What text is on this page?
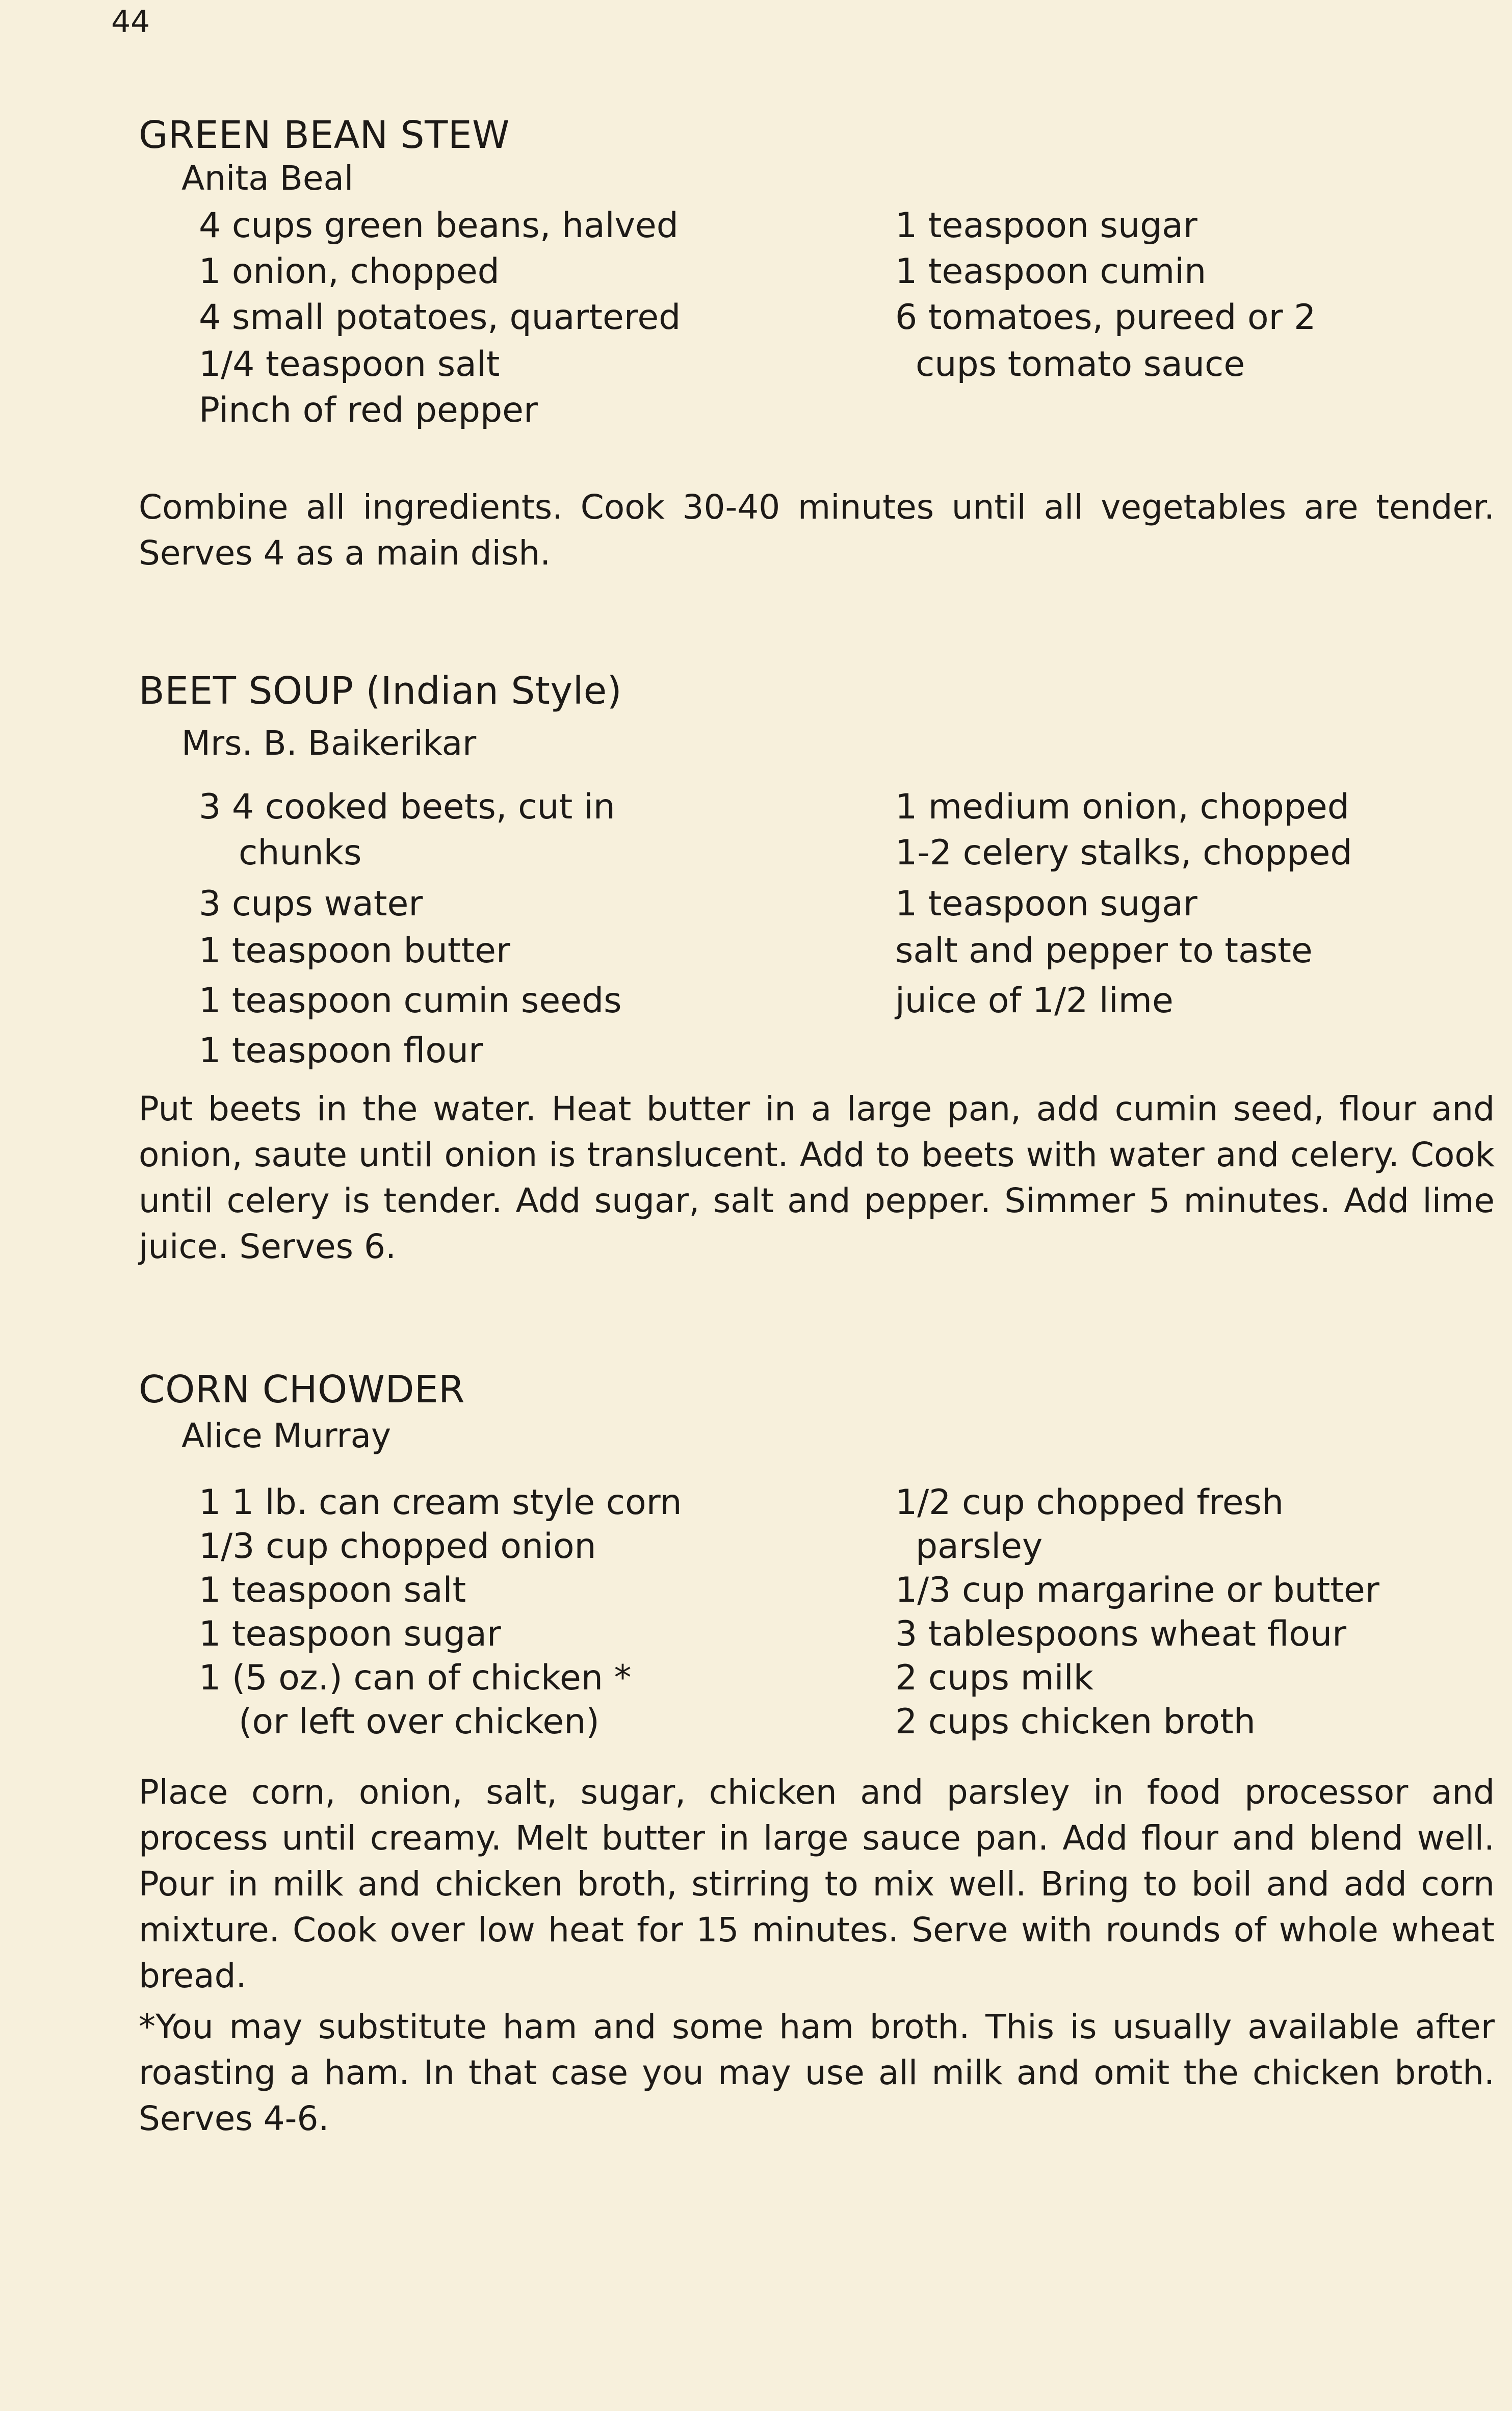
44
GREEN BEAN STEW
Anita Beal
4 cups green beans, halved
1 onion, chopped
4 small potatoes, quartered
1/4 teaspoon salt
Pinch of red pepper
1 teaspoon sugar
1 teaspoon cumin
6 tomatoes, pureed or 2
cups tomato sauce

Combine all ingredients. Cook 30-40 minutes until all vegetables are tender. Serves 4 as a main dish.

BEET SOUP (Indian Style)
Mrs. B. Baikerikar
3 4 cooked beets, cut in
chunks
3 cups water
1 teaspoon butter
1 teaspoon cumin seeds
1 teaspoon flour
1 medium onion, chopped
1-2 celery stalks, chopped
1 teaspoon sugar
salt and pepper to taste
juice of 1/2 lime

Put beets in the water. Heat butter in a large pan, add cumin seed, flour and onion, saute until onion is translucent. Add to beets with water and celery. Cook until celery is tender. Add sugar, salt and pepper. Simmer 5 minutes. Add lime juice. Serves 6.

CORN CHOWDER
Alice Murray
1 1 lb. can cream style corn
1/3 cup chopped onion
1 teaspoon salt
1 teaspoon sugar
1 (5 oz.) can of chicken *
(or left over chicken)
1/2 cup chopped fresh
parsley
1/3 cup margarine or butter
3 tablespoons wheat flour
2 cups milk
2 cups chicken broth

Place corn, onion, salt, sugar, chicken and parsley in food processor and process until creamy. Melt butter in large sauce pan. Add flour and blend well. Pour in milk and chicken broth, stirring to mix well. Bring to boil and add corn mixture. Cook over low heat for 15 minutes. Serve with rounds of whole wheat bread.

*You may substitute ham and some ham broth. This is usually available after roasting a ham. In that case you may use all milk and omit the chicken broth. Serves 4-6.
